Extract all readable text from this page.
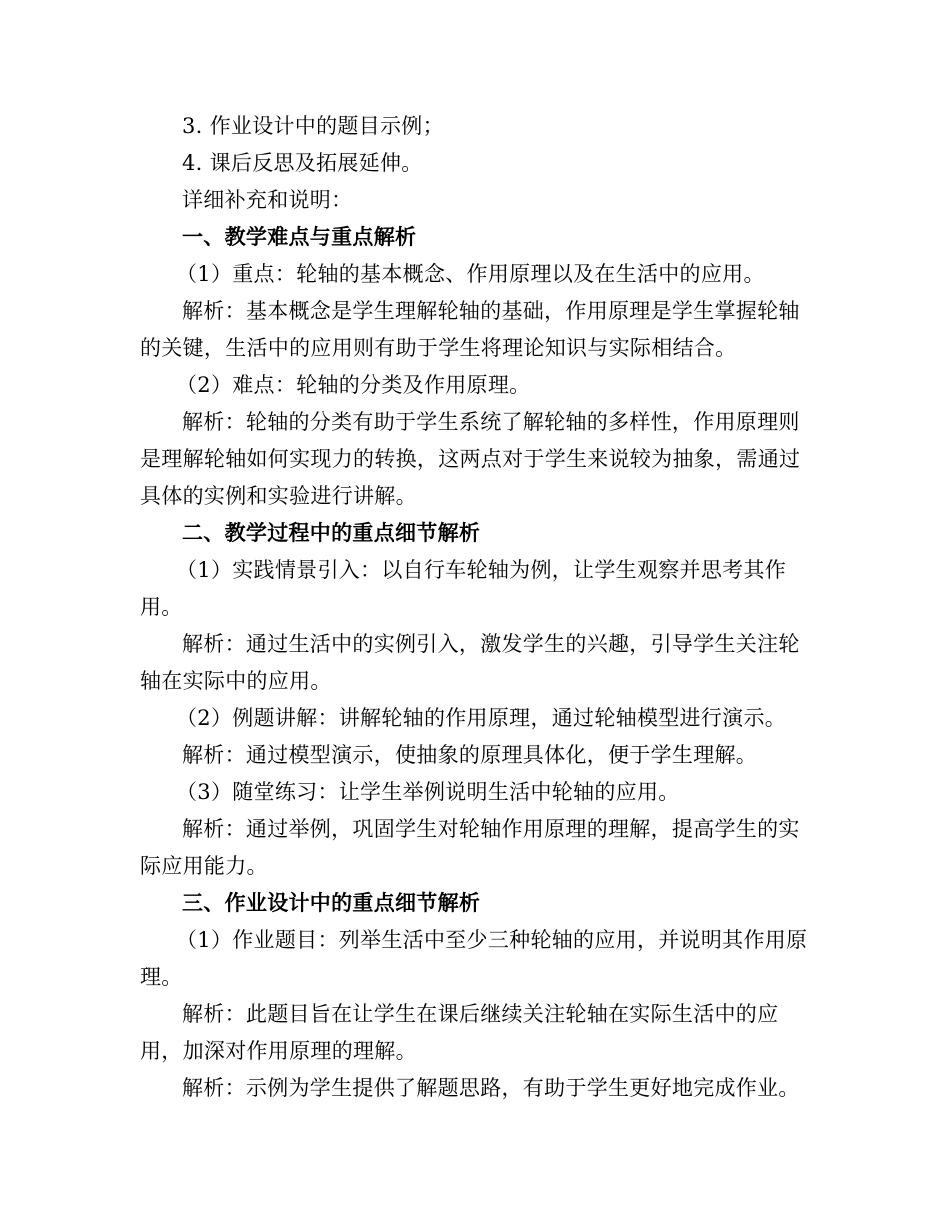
3. 作业设计中的题目示例；

4. 课后反思及拓展延伸。

详细补充和说明：

一、教学难点与重点解析

（1）重点：轮轴的基本概念、作用原理以及在生活中的应用。

解析：基本概念是学生理解轮轴的基础，作用原理是学生掌握轮轴的关键，生活中的应用则有助于学生将理论知识与实际相结合。

（2）难点：轮轴的分类及作用原理。

解析：轮轴的分类有助于学生系统了解轮轴的多样性，作用原理则是理解轮轴如何实现力的转换，这两点对于学生来说较为抽象，需通过具体的实例和实验进行讲解。

二、教学过程中的重点细节解析

（1）实践情景引入：以自行车轮轴为例，让学生观察并思考其作用。

解析：通过生活中的实例引入，激发学生的兴趣，引导学生关注轮轴在实际中的应用。

（2）例题讲解：讲解轮轴的作用原理，通过轮轴模型进行演示。

解析：通过模型演示，使抽象的原理具体化，便于学生理解。

（3）随堂练习：让学生举例说明生活中轮轴的应用。

解析：通过举例，巩固学生对轮轴作用原理的理解，提高学生的实际应用能力。

三、作业设计中的重点细节解析

（1）作业题目：列举生活中至少三种轮轴的应用，并说明其作用原理。

解析：此题目旨在让学生在课后继续关注轮轴在实际生活中的应用，加深对作用原理的理解。

解析：示例为学生提供了解题思路，有助于学生更好地完成作业。
